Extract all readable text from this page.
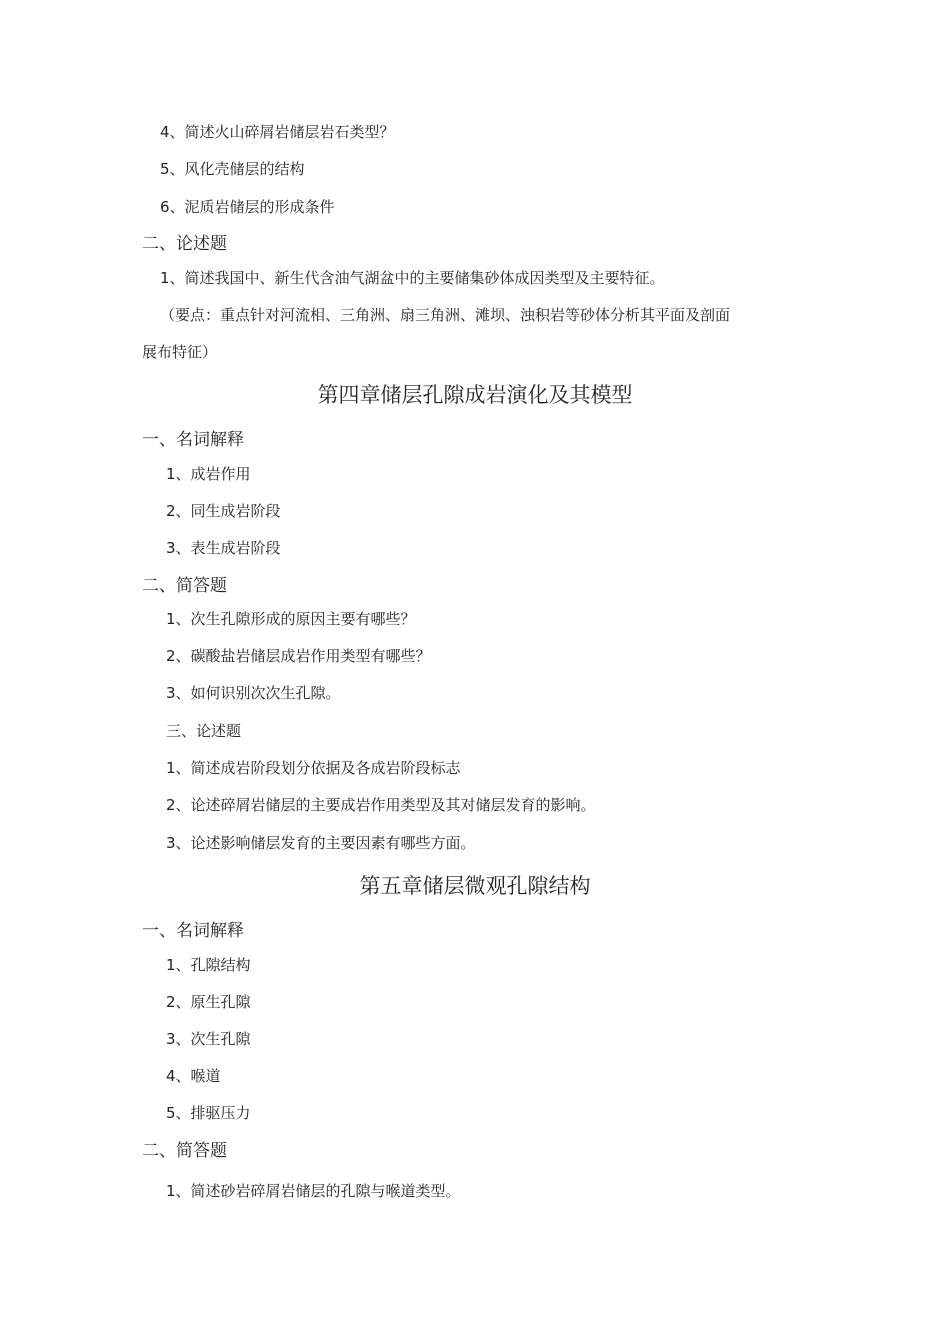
4、简述火山碎屑岩储层岩石类型？
5、风化壳储层的结构
6、泥质岩储层的形成条件
二、论述题
1、简述我国中、新生代含油气湖盆中的主要储集砂体成因类型及主要特征。
（要点：重点针对河流相、三角洲、扇三角洲、滩坝、浊积岩等砂体分析其平面及剖面
展布特征）
第四章储层孔隙成岩演化及其模型
一、名词解释
1、成岩作用
2、同生成岩阶段
3、表生成岩阶段
二、简答题
1、次生孔隙形成的原因主要有哪些？
2、碳酸盐岩储层成岩作用类型有哪些？
3、如何识别次次生孔隙。
三、论述题
1、简述成岩阶段划分依据及各成岩阶段标志
2、论述碎屑岩储层的主要成岩作用类型及其对储层发育的影响。
3、论述影响储层发育的主要因素有哪些方面。
第五章储层微观孔隙结构
一、名词解释
1、孔隙结构
2、原生孔隙
3、次生孔隙
4、喉道
5、排驱压力
二、简答题
1、简述砂岩碎屑岩储层的孔隙与喉道类型。
